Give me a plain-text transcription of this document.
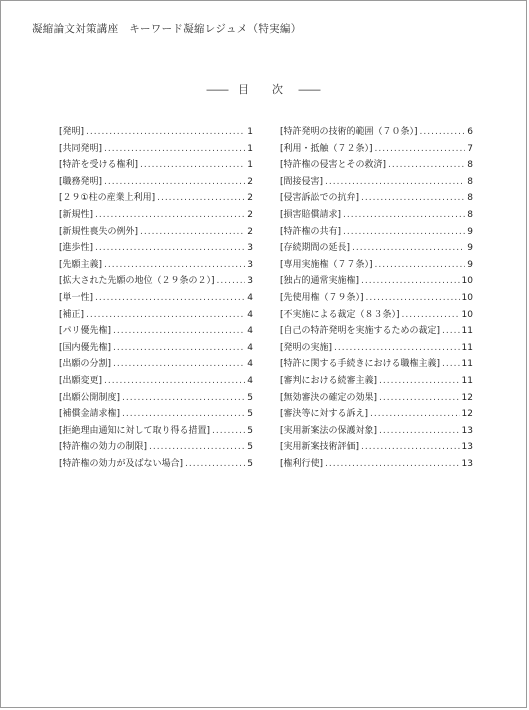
凝縮論文対策講座　キーワード凝縮レジュメ（特実編）
―― 目　次 ――
[発明] .....	1
[共同発明] .....	1
[特許を受ける権利] .....	1
[職務発明] .....	2
[２９①柱の産業上利用] .....	2
[新規性] .....	2
[新規性喪失の例外] .....	2
[進歩性] .....	3
[先願主義] .....	3
[拡大された先願の地位（２９条の２）] .....	3
[単一性] .....	4
[補正] .....	4
[パリ優先権] .....	4
[国内優先権] .....	4
[出願の分割] .....	4
[出願変更] .....	4
[出願公開制度] .....	5
[補償金請求権] .....	5
[拒絶理由通知に対して取り得る措置] .....	5
[特許権の効力の制限] .....	5
[特許権の効力が及ばない場合] .....	5
[特許発明の技術的範囲（７０条）] .....	6
[利用・抵触（７２条）] .....	7
[特許権の侵害とその救済] .....	8
[間接侵害] .....	8
[侵害訴訟での抗弁] .....	8
[損害賠償請求] .....	8
[特許権の共有] .....	9
[存続期間の延長] .....	9
[専用実施権（７７条）] .....	9
[独占的通常実施権] .....	10
[先使用権（７９条）] .....	10
[不実施による裁定（８３条）] .....	10
[自己の特許発明を実施するための裁定] ..... 11
[発明の実施] .....	11
[特許に関する手続きにおける職権主義] ..... 11
[審判における続審主義] .....	11
[無効審決の確定の効果] .....	12
[審決等に対する訴え] .....	12
[実用新案法の保護対象] .....	13
[実用新案技術評価] .....	13
[権利行使] .....	13
